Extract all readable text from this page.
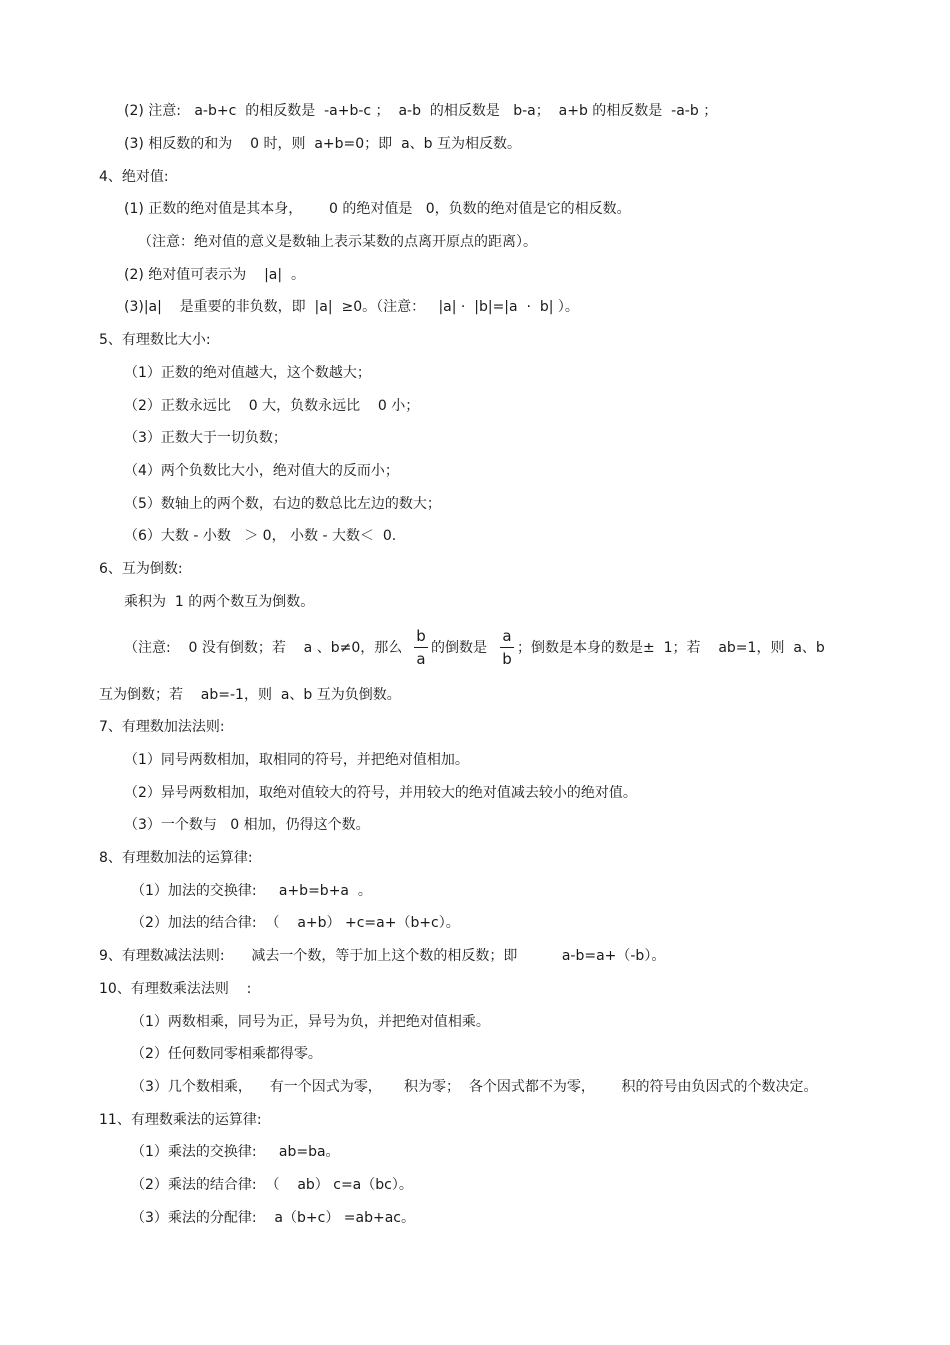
(2) 注意:   a-b+c  的相反数是  -a+b-c ；  a-b  的相反数是   b-a；  a+b 的相反数是  -a-b ；
(3) 相反数的和为    0 时，则  a+b=0；即  a、b 互为相反数。
4、绝对值:
(1) 正数的绝对值是其本身，      0 的绝对值是   0，负数的绝对值是它的相反数。
（注意：绝对值的意义是数轴上表示某数的点离开原点的距离）。
(2) 绝对值可表示为    |a|  。
(3)|a|    是重要的非负数，即  |a|  ≥0。（注意：   |a| ·  |b|=|a  ·  b| ）。
5、有理数比大小:
（1）正数的绝对值越大，这个数越大；
（2）正数永远比    0 大，负数永远比    0 小；
（3）正数大于一切负数；
（4）两个负数比大小，绝对值大的反而小；
（5）数轴上的两个数，右边的数总比左边的数大；
（6）大数 - 小数   ＞ 0， 小数 - 大数＜  0.
6、互为倒数:
乘积为  1 的两个数互为倒数。
（注意:    0 没有倒数；若    a 、b≠0，那么
b
a
的倒数是
a
b
；倒数是本身的数是±  1；若    ab=1，则  a、b
互为倒数；若    ab=-1，则  a、b 互为负倒数。
7、有理数加法法则:
（1）同号两数相加，取相同的符号，并把绝对值相加。
（2）异号两数相加，取绝对值较大的符号，并用较大的绝对值减去较小的绝对值。
（3）一个数与   0 相加，仍得这个数。
8、有理数加法的运算律:
（1）加法的交换律:     a+b=b+a  。
（2）加法的结合律:  （    a+b） +c=a+（b+c）。
9、有理数减法法则:      减去一个数，等于加上这个数的相反数；即          a-b=a+（-b）。
10、有理数乘法法则    :
（1）两数相乘，同号为正，异号为负，并把绝对值相乘。
（2）任何数同零相乘都得零。
（3）几个数相乘，    有一个因式为零，     积为零；  各个因式都不为零，      积的符号由负因式的个数决定。
11、有理数乘法的运算律:
（1）乘法的交换律:     ab=ba。
（2）乘法的结合律:  （    ab） c=a（bc）。
（3）乘法的分配律:    a（b+c） =ab+ac。
